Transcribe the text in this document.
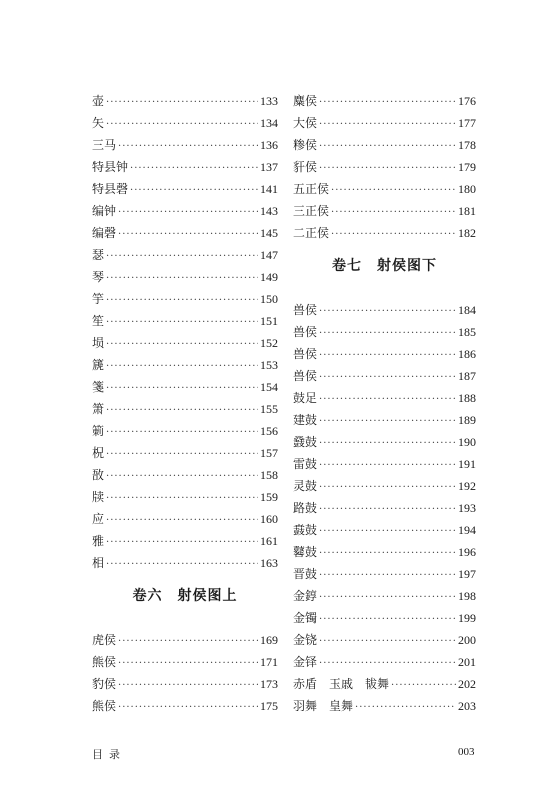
壶 ·····	133
矢 ·····	134
三马 ·····	136
特县钟 ·····	137
特县磬 ·····	141
编钟 ·····	143
编磬 ·····	145
瑟 ·····	147
琴 ·····	149
竽 ·····	150
笙 ·····	151
埙 ·····	152
篪 ·····	153
箋 ·····	154
箫 ·····	155
箣 ·····	156
柷 ·····	157
敔 ·····	158
牍 ·····	159
应 ·····	160
雅 ·····	161
相 ·····	163
卷六　射侯图上
虎侯 ·····	169
熊侯 ·····	171
豹侯 ·····	173
熊侯 ·····	175
麋侯 ·····	176
大侯 ·····	177
糁侯 ·····	178
豻侯 ·····	179
五正侯 ·····	180
三正侯 ·····	181
二正侯 ·····	182
卷七　射侯图下
兽侯 ·····	184
兽侯 ·····	185
兽侯 ·····	186
兽侯 ·····	187
鼓足 ·····	188
建鼓 ·····	189
鼗鼓 ·····	190
雷鼓 ·····	191
灵鼓 ·····	192
路鼓 ·····	193
鼖鼓 ·····	194
鼛鼓 ·····	196
晋鼓 ·····	197
金錞 ·····	198
金镯 ·····	199
金铙 ·····	200
金铎 ·····	201
赤盾　玉戚　韨舞 ·····	202
羽舞　皇舞 ·····	203
目录	003
